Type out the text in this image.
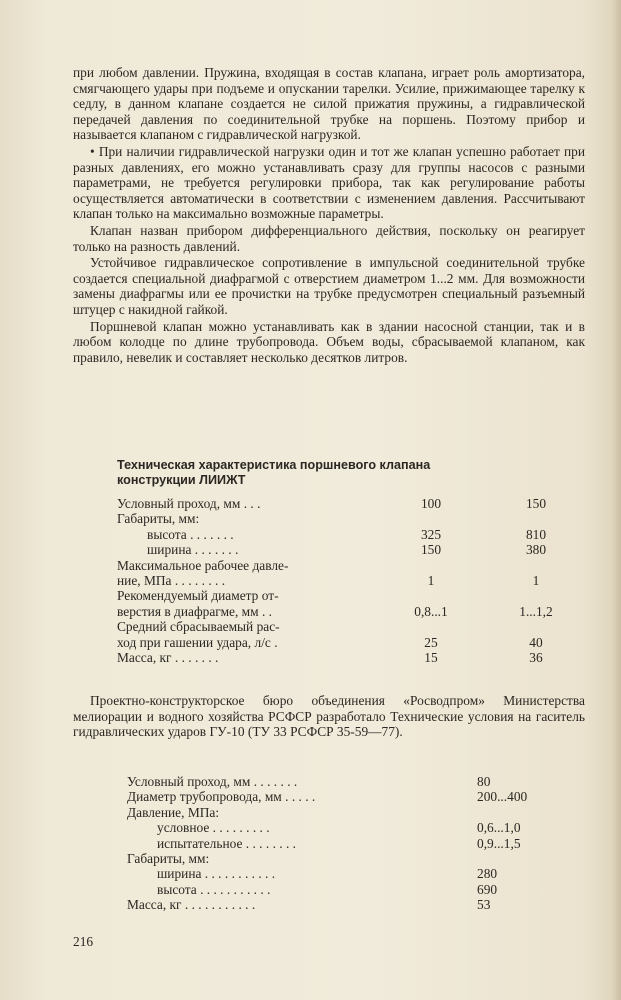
при любом давлении. Пружина, входящая в состав клапана, играет роль амортизатора, смягчающего удары при подъеме и опускании тарелки. Усилие, прижимающее тарелку к седлу, в данном клапане создается не силой прижатия пружины, а гидравлической передачей давления по соединительной трубке на поршень. Поэтому прибор и называется клапаном с гидравлической нагрузкой.

• При наличии гидравлической нагрузки один и тот же клапан успешно работает при разных давлениях, его можно устанавливать сразу для группы насосов с разными параметрами, не требуется регулировки прибора, так как регулирование работы осуществляется автоматически в соответствии с изменением давления. Рассчитывают клапан только на максимально возможные параметры.

Клапан назван прибором дифференциального действия, поскольку он реагирует только на разность давлений.

Устойчивое гидравлическое сопротивление в импульсной соединительной трубке создается специальной диафрагмой с отверстием диаметром 1...2 мм. Для возможности замены диафрагмы или ее прочистки на трубке предусмотрен специальный разъемный штуцер с накидной гайкой.

Поршневой клапан можно устанавливать как в здании насосной станции, так и в любом колодце по длине трубопровода. Объем воды, сбрасываемой клапаном, как правило, невелик и составляет несколько десятков литров.

Техническая характеристика поршневого клапана
конструкции ЛИИЖТ
Условный проход, мм . . .	100	150
Габариты, мм:		
высота . . . . . . .	325	810
ширина . . . . . . .	150	380
Максимальное рабочее давле-		
ние, МПа . . . . . . . .	1	1
Рекомендуемый диаметр от-		
верстия в диафрагме, мм . .	0,8...1	1...1,2
Средний сбрасываемый рас-		
ход при гашении удара, л/с .	25	40
Масса, кг . . . . . . .	15	36

Проектно-конструкторское бюро объединения «Росводпром» Министерства мелиорации и водного хозяйства РСФСР разработало Технические условия на гаситель гидравлических ударов ГУ-10 (ТУ 33 РСФСР 35-59—77).

Условный проход, мм . . . . . . .	80
Диаметр трубопровода, мм . . . . .	200...400
Давление, МПа:	
условное . . . . . . . . .	0,6...1,0
испытательное . . . . . . . .	0,9...1,5
Габариты, мм:	
ширина . . . . . . . . . . .	280
высота . . . . . . . . . . .	690
Масса, кг . . . . . . . . . . .	53
216
